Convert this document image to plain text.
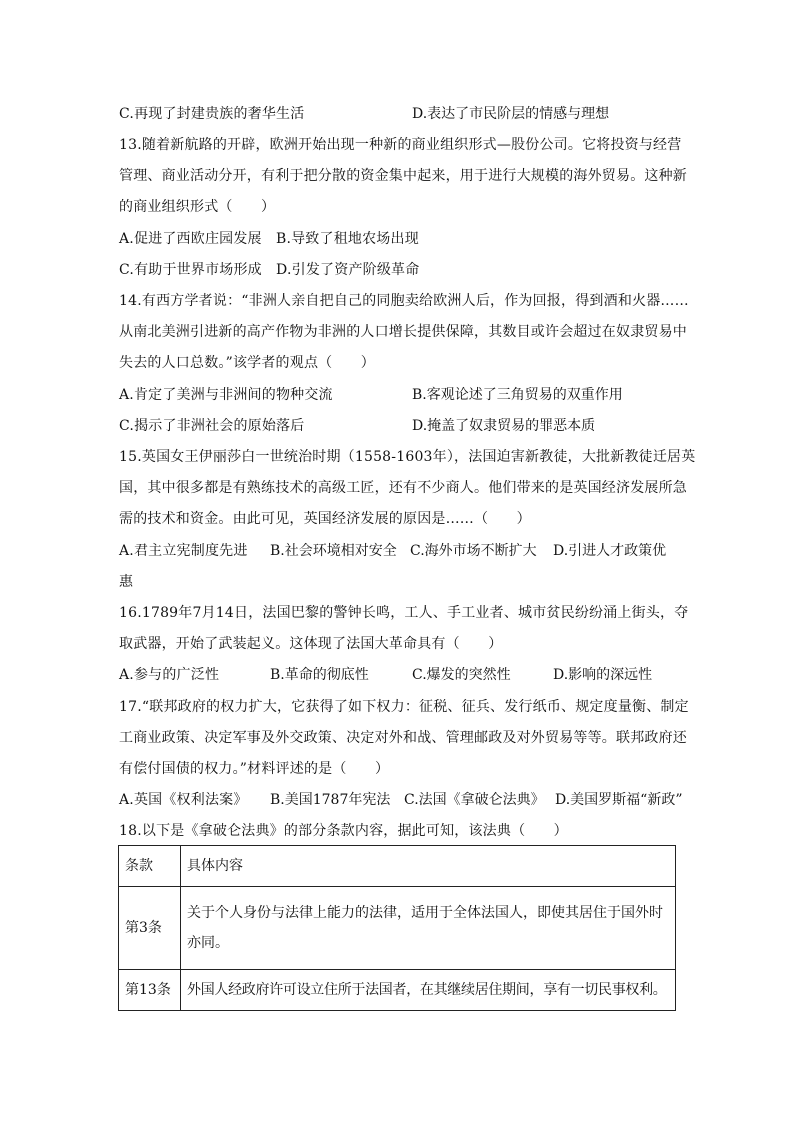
C.再现了封建贵族的奢华生活	D.表达了市民阶层的情感与理想
13.随着新航路的开辟，欧洲开始出现一种新的商业组织形式—股份公司。它将投资与经营
管理、商业活动分开，有利于把分散的资金集中起来，用于进行大规模的海外贸易。这种新
的商业组织形式（　　）
A.促进了西欧庄园发展　B.导致了租地农场出现
C.有助于世界市场形成　D.引发了资产阶级革命
14.有西方学者说：“非洲人亲自把自己的同胞卖给欧洲人后，作为回报，得到酒和火器……
从南北美洲引进新的高产作物为非洲的人口增长提供保障，其数目或许会超过在奴隶贸易中
失去的人口总数。”该学者的观点（　　）
A.肯定了美洲与非洲间的物种交流	B.客观论述了三角贸易的双重作用
C.揭示了非洲社会的原始落后	D.掩盖了奴隶贸易的罪恶本质
15.英国女王伊丽莎白一世统治时期（1558-1603年），法国迫害新教徒，大批新教徒迁居英
国，其中很多都是有熟练技术的高级工匠，还有不少商人。他们带来的是英国经济发展所急
需的技术和资金。由此可见，英国经济发展的原因是……（　　）
A.君主立宪制度先进 B.社会环境相对安全 C.海外市场不断扩大 D.引进人才政策优
惠
16.1789年7月14日，法国巴黎的警钟长鸣，工人、手工业者、城市贫民纷纷涌上街头，夺
取武器，开始了武装起义。这体现了法国大革命具有（　　）
A.参与的广泛性	B.革命的彻底性	C.爆发的突然性	D.影响的深远性
17.“联邦政府的权力扩大，它获得了如下权力：征税、征兵、发行纸币、规定度量衡、制定
工商业政策、决定军事及外交政策、决定对外和战、管理邮政及对外贸易等等。联邦政府还
有偿付国债的权力。”材料评述的是（　　）
A.英国《权利法案》 B.美国1787年宪法 C.法国《拿破仑法典》 D.美国罗斯福“新政”
18.以下是《拿破仑法典》的部分条款内容，据此可知，该法典（　　）
条款	具体内容
第3条	关于个人身份与法律上能力的法律，适用于全体法国人，即使其居住于国外时亦同。
第13条	外国人经政府许可设立住所于法国者，在其继续居住期间，享有一切民事权利。
